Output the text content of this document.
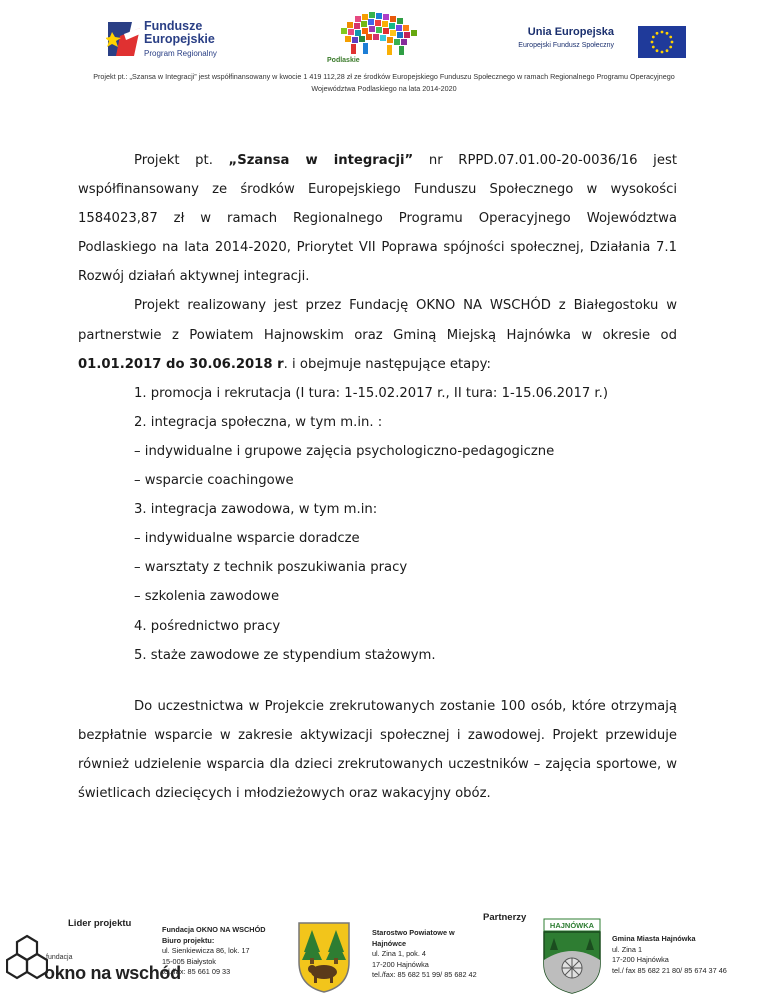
Fundusze
Europejskie
Program Regionalny
Podlaskie
Unia Europejska
Europejski Fundusz Społeczny
Projekt pt.: „Szansa w Integracji” jest współfinansowany w kwocie 1 419 112,28 zł ze środków Europejskiego Funduszu Społecznego w ramach Regionalnego Programu Operacyjnego
Województwa Podlaskiego na lata 2014-2020

Projekt pt. „Szansa w integracji” nr RPPD.07.01.00-20-0036/16 jest współfinansowany ze środków Europejskiego Funduszu Społecznego w wysokości 1584023,87 zł w ramach Regionalnego Programu Operacyjnego Województwa Podlaskiego na lata 2014-2020, Priorytet VII Poprawa spójności społecznej, Działania 7.1 Rozwój działań aktywnej integracji.

Projekt realizowany jest przez Fundację OKNO NA WSCHÓD z Białegostoku w partnerstwie z Powiatem Hajnowskim oraz Gminą Miejską Hajnówka w okresie od 01.01.2017 do 30.06.2018 r. i obejmuje następujące etapy:

1. promocja i rekrutacja (I tura: 1-15.02.2017 r., II tura: 1-15.06.2017 r.)

2. integracja społeczna, w tym m.in. :

– indywidualne i grupowe zajęcia psychologiczno-pedagogiczne

– wsparcie coachingowe

3. integracja zawodowa, w tym m.in:

– indywidualne wsparcie doradcze

– warsztaty z technik poszukiwania pracy

– szkolenia zawodowe

4. pośrednictwo pracy

5. staże zawodowe ze stypendium stażowym.

Do uczestnictwa w Projekcie zrekrutowanych zostanie 100 osób, które otrzymają bezpłatnie wsparcie w zakresie aktywizacji społecznej i zawodowej. Projekt przewiduje również udzielenie wsparcia dla dzieci zrekrutowanych uczestników – zajęcia sportowe, w świetlicach dziecięcych i młodzieżowych oraz wakacyjny obóz.

Lider projektu
fundacja
okno na wschód
Fundacja OKNO NA WSCHÓD
Biuro projektu:
ul. Sienkiewicza 86, lok. 17
15-005 Białystok
tel./fax: 85 661 09 33
Starostwo Powiatowe w
Hajnówce
ul. Zina 1, pok. 4
17-200 Hajnówka
tel./fax: 85 682 51 99/ 85 682 42
Partnerzy
HAJNÓWKA
Gmina Miasta Hajnówka
ul. Zina 1
17-200 Hajnówka
tel./ fax 85 682 21 80/ 85 674 37 46
